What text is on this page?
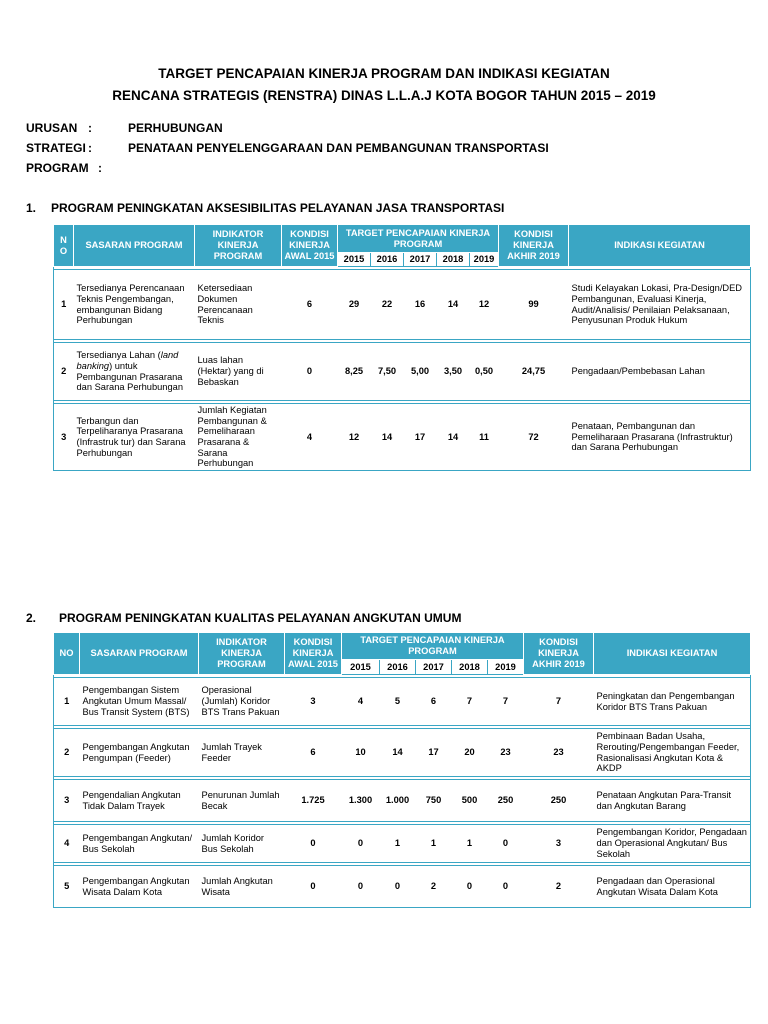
TARGET PENCAPAIAN KINERJA PROGRAM DAN INDIKASI KEGIATAN
RENCANA STRATEGIS (RENSTRA) DINAS L.L.A.J KOTA BOGOR TAHUN 2015 – 2019
URUSAN :	PERHUBUNGAN
STRATEGI :	PENATAAN PENYELENGGARAAN DAN PEMBANGUNAN TRANSPORTASI
PROGRAM :
1. PROGRAM PENINGKATAN AKSESIBILITAS PELAYANAN JASA TRANSPORTASI
N
O	SASARAN PROGRAM	INDIKATOR KINERJA PROGRAM	KONDISI KINERJA AWAL 2015	TARGET PENCAPAIAN KINERJA PROGRAM					KONDISI KINERJA AKHIR 2019	INDIKASI KEGIATAN
				2015	2016	2017	2018	2019		

1	Tersedianya Perencanaan Teknis Pengembangan, embangunan Bidang Perhubungan	Ketersediaan Dokumen Perencanaan Teknis	6	29	22	16	14	12	99	Studi Kelayakan Lokasi, Pra-Design/DED Pembangunan, Evaluasi Kinerja, Audit/Analisis/ Penilaian Pelaksanaan, Penyusunan Produk Hukum

2	Tersedianya Lahan (land banking) untuk Pembangunan Prasarana dan Sarana Perhubungan	Luas lahan (Hektar) yang di Bebaskan	0	8,25	7,50	5,00	3,50	0,50	24,75	Pengadaan/Pembebasan Lahan

3	Terbangun dan Terpeliharanya Prasarana (Infrastruk tur) dan Sarana Perhubungan	Jumlah Kegiatan Pembangunan & Pemeliharaan Prasarana & Sarana Perhubungan	4	12	14	17	14	11	72	Penataan, Pembangunan dan Pemeliharaan Prasarana (Infrastruktur) dan Sarana Perhubungan
2. PROGRAM PENINGKATAN KUALITAS PELAYANAN ANGKUTAN UMUM
NO	SASARAN PROGRAM	INDIKATOR KINERJA PROGRAM	KONDISI KINERJA AWAL 2015	TARGET PENCAPAIAN KINERJA PROGRAM					KONDISI KINERJA AKHIR 2019	INDIKASI KEGIATAN
				2015	2016	2017	2018	2019		

1	Pengembangan Sistem Angkutan Umum Massal/ Bus Transit System (BTS)	Operasional (Jumlah) Koridor BTS Trans Pakuan	3	4	5	6	7	7	7	Peningkatan dan Pengembangan Koridor BTS Trans Pakuan

2	Pengembangan Angkutan Pengumpan (Feeder)	Jumlah Trayek Feeder	6	10	14	17	20	23	23	Pembinaan Badan Usaha, Rerouting/Pengembangan Feeder, Rasionalisasi Angkutan Kota & AKDP

3	Pengendalian Angkutan Tidak Dalam Trayek	Penurunan Jumlah Becak	1.725	1.300	1.000	750	500	250	250	Penataan Angkutan Para-Transit dan Angkutan Barang

4	Pengembangan Angkutan/ Bus Sekolah	Jumlah Koridor Bus Sekolah	0	0	1	1	1	0	3	Pengembangan Koridor, Pengadaan dan Operasional Angkutan/ Bus Sekolah

5	Pengembangan Angkutan Wisata Dalam Kota	Jumlah Angkutan Wisata	0	0	0	2	0	0	2	Pengadaan dan Operasional Angkutan Wisata Dalam Kota
